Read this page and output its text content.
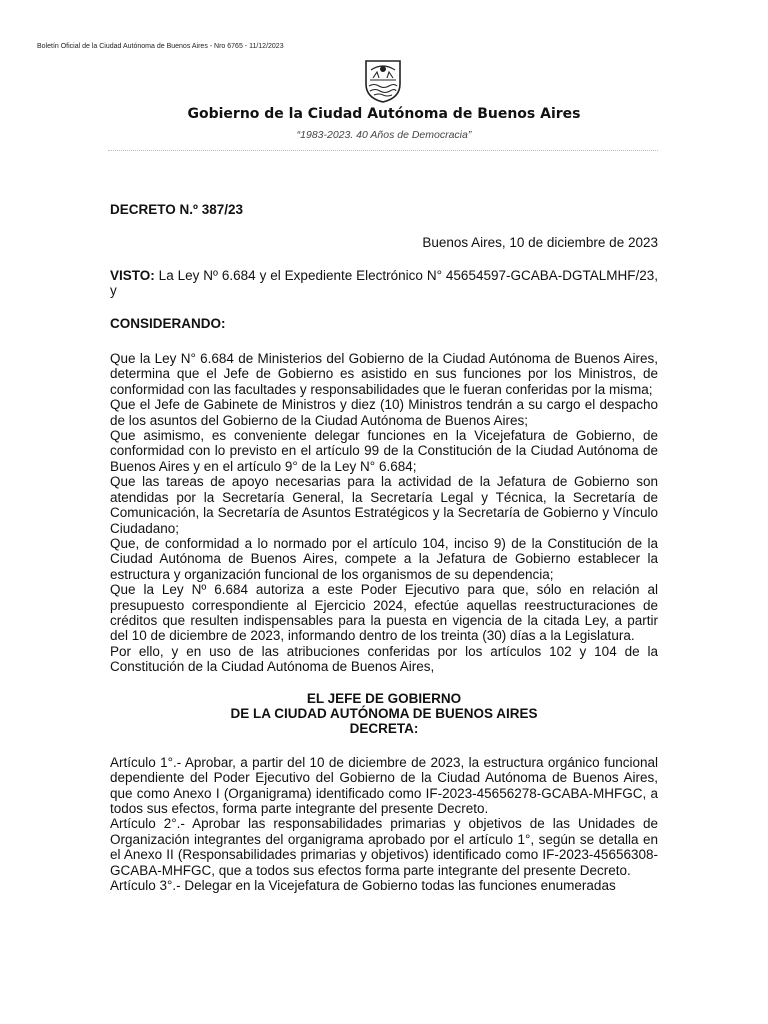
Boletín Oficial de la Ciudad Autónoma de Buenos Aires - Nro 6765 - 11/12/2023
Gobierno de la Ciudad Autónoma de Buenos Aires
“1983-2023. 40 Años de Democracia”

DECRETO N.º 387/23

Buenos Aires, 10 de diciembre de 2023

VISTO: La Ley Nº 6.684 y el Expediente Electrónico N° 45654597-GCABA-DGTALMHF/23, y

CONSIDERANDO:

Que la Ley N° 6.684 de Ministerios del Gobierno de la Ciudad Autónoma de Buenos Aires, determina que el Jefe de Gobierno es asistido en sus funciones por los Ministros, de conformidad con las facultades y responsabilidades que le fueran conferidas por la misma;

Que el Jefe de Gabinete de Ministros y diez (10) Ministros tendrán a su cargo el despacho de los asuntos del Gobierno de la Ciudad Autónoma de Buenos Aires;

Que asimismo, es conveniente delegar funciones en la Vicejefatura de Gobierno, de conformidad con lo previsto en el artículo 99 de la Constitución de la Ciudad Autónoma de Buenos Aires y en el artículo 9° de la Ley N° 6.684;

Que las tareas de apoyo necesarias para la actividad de la Jefatura de Gobierno son atendidas por la Secretaría General, la Secretaría Legal y Técnica, la Secretaría de Comunicación, la Secretaría de Asuntos Estratégicos y la Secretaría de Gobierno y Vínculo Ciudadano;

Que, de conformidad a lo normado por el artículo 104, inciso 9) de la Constitución de la Ciudad Autónoma de Buenos Aires, compete a la Jefatura de Gobierno establecer la estructura y organización funcional de los organismos de su dependencia;

Que la Ley Nº 6.684 autoriza a este Poder Ejecutivo para que, sólo en relación al presupuesto correspondiente al Ejercicio 2024, efectúe aquellas reestructuraciones de créditos que resulten indispensables para la puesta en vigencia de la citada Ley, a partir del 10 de diciembre de 2023, informando dentro de los treinta (30) días a la Legislatura.

Por ello, y en uso de las atribuciones conferidas por los artículos 102 y 104 de la Constitución de la Ciudad Autónoma de Buenos Aires,

EL JEFE DE GOBIERNO

DE LA CIUDAD AUTÓNOMA DE BUENOS AIRES

DECRETA:

Artículo 1°.- Aprobar, a partir del 10 de diciembre de 2023, la estructura orgánico funcional dependiente del Poder Ejecutivo del Gobierno de la Ciudad Autónoma de Buenos Aires, que como Anexo I (Organigrama) identificado como IF-2023-45656278-GCABA-MHFGC, a todos sus efectos, forma parte integrante del presente Decreto.

Artículo 2°.- Aprobar las responsabilidades primarias y objetivos de las Unidades de Organización integrantes del organigrama aprobado por el artículo 1°, según se detalla en el Anexo II (Responsabilidades primarias y objetivos) identificado como IF-2023-45656308-GCABA-MHFGC, que a todos sus efectos forma parte integrante del presente Decreto.

Artículo 3°.- Delegar en la Vicejefatura de Gobierno todas las funciones enumeradas
